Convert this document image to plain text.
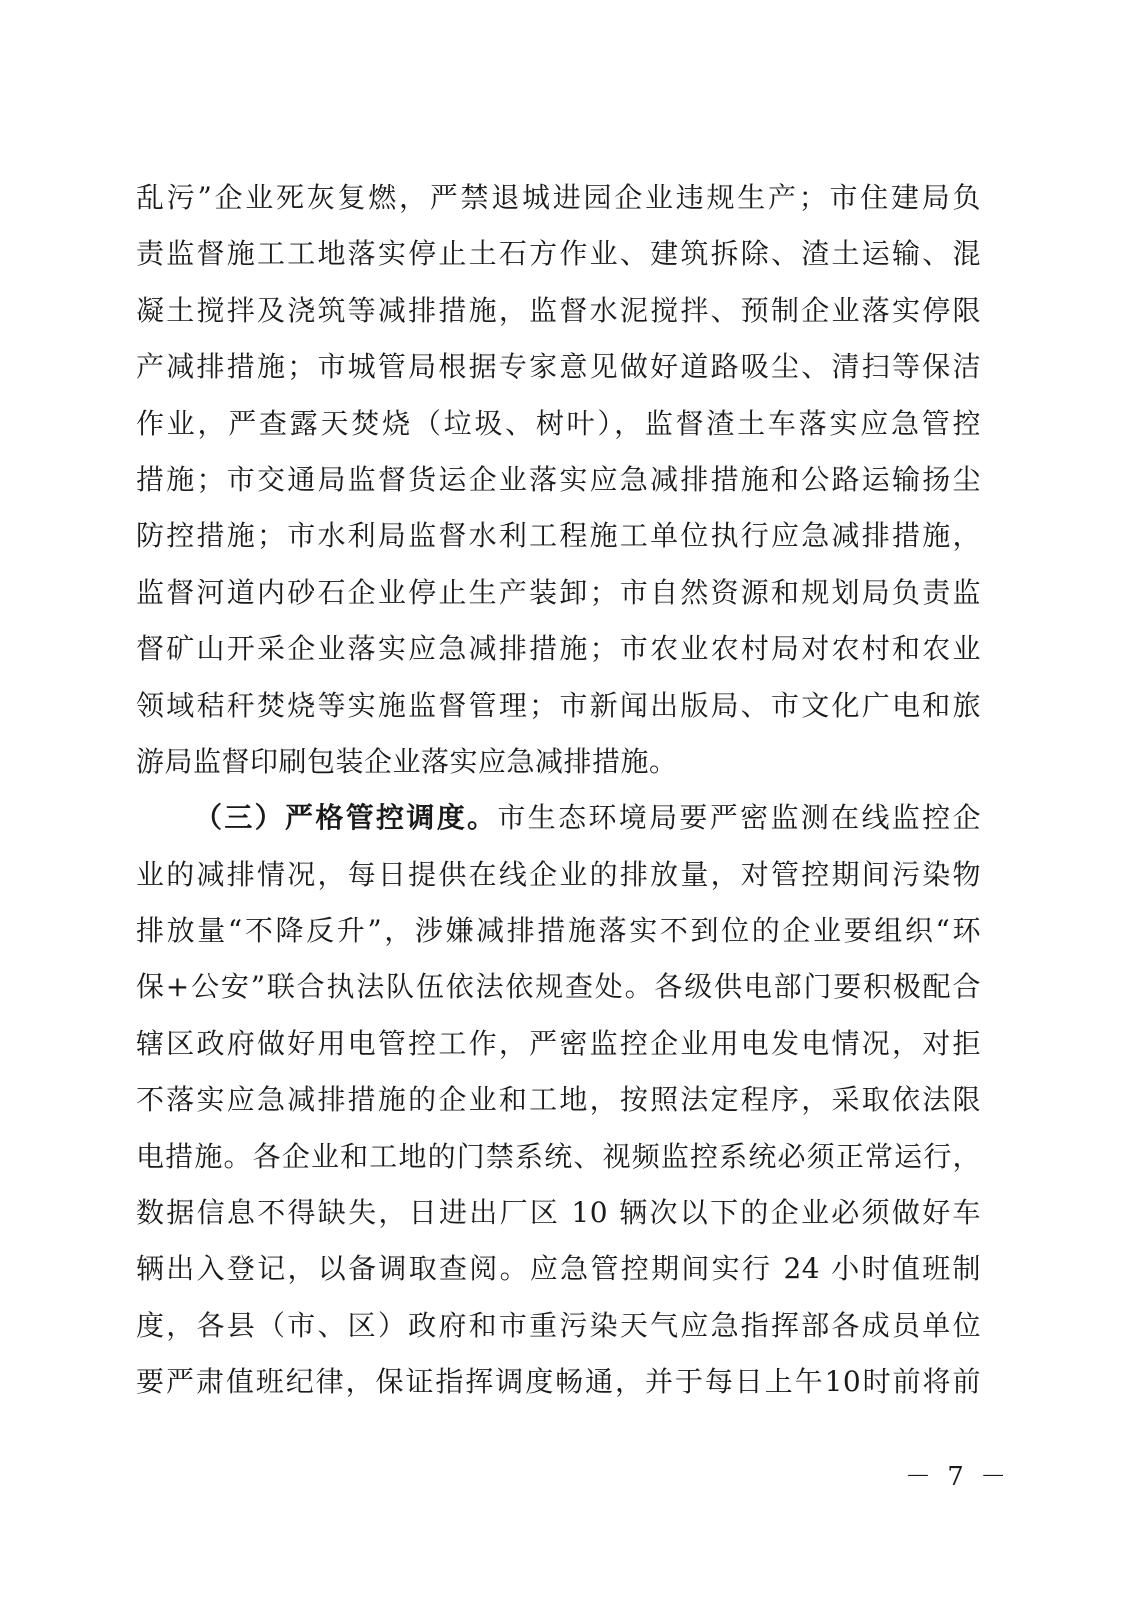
乱污”企业死灰复燃，严禁退城进园企业违规生产；市住建局负
责监督施工工地落实停止土石方作业、建筑拆除、渣土运输、混
凝土搅拌及浇筑等减排措施，监督水泥搅拌、预制企业落实停限
产减排措施；市城管局根据专家意见做好道路吸尘、清扫等保洁
作业，严查露天焚烧（垃圾、树叶），监督渣土车落实应急管控
措施；市交通局监督货运企业落实应急减排措施和公路运输扬尘
防控措施；市水利局监督水利工程施工单位执行应急减排措施，
监督河道内砂石企业停止生产装卸；市自然资源和规划局负责监
督矿山开采企业落实应急减排措施；市农业农村局对农村和农业
领域秸秆焚烧等实施监督管理；市新闻出版局、市文化广电和旅
游局监督印刷包装企业落实应急减排措施。
（三）严格管控调度。市生态环境局要严密监测在线监控企
业的减排情况，每日提供在线企业的排放量，对管控期间污染物
排放量“不降反升”，涉嫌减排措施落实不到位的企业要组织“环
保+公安”联合执法队伍依法依规查处。各级供电部门要积极配合
辖区政府做好用电管控工作，严密监控企业用电发电情况，对拒
不落实应急减排措施的企业和工地，按照法定程序，采取依法限
电措施。各企业和工地的门禁系统、视频监控系统必须正常运行，
数据信息不得缺失，日进出厂区 10 辆次以下的企业必须做好车
辆出入登记，以备调取查阅。应急管控期间实行 24 小时值班制
度，各县（市、区）政府和市重污染天气应急指挥部各成员单位
要严肃值班纪律，保证指挥调度畅通，并于每日上午10时前将前
－ 7 －
